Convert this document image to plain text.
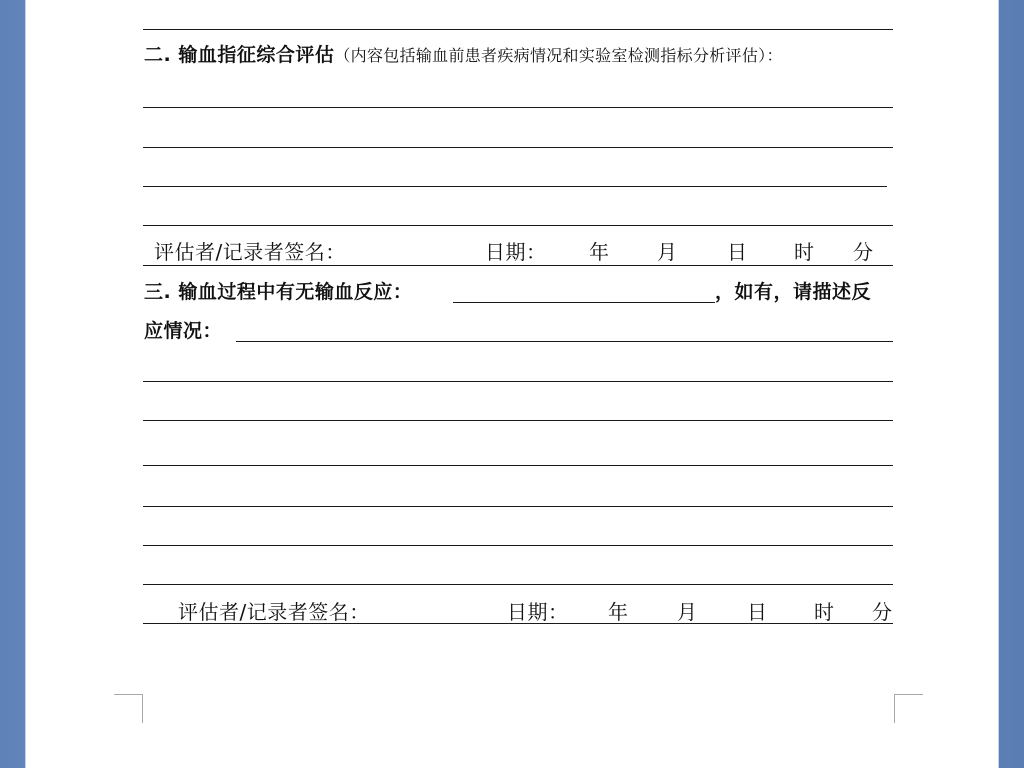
二. 输血指征综合评估（内容包括输血前患者疾病情况和实验室检测指标分析评估）：
评估者/记录者签名：	日期： 年 月 日 时 分
三. 输血过程中有无输血反应：	，如有，请描述反
应情况：
评估者/记录者签名：	日期： 年 月 日 时 分
